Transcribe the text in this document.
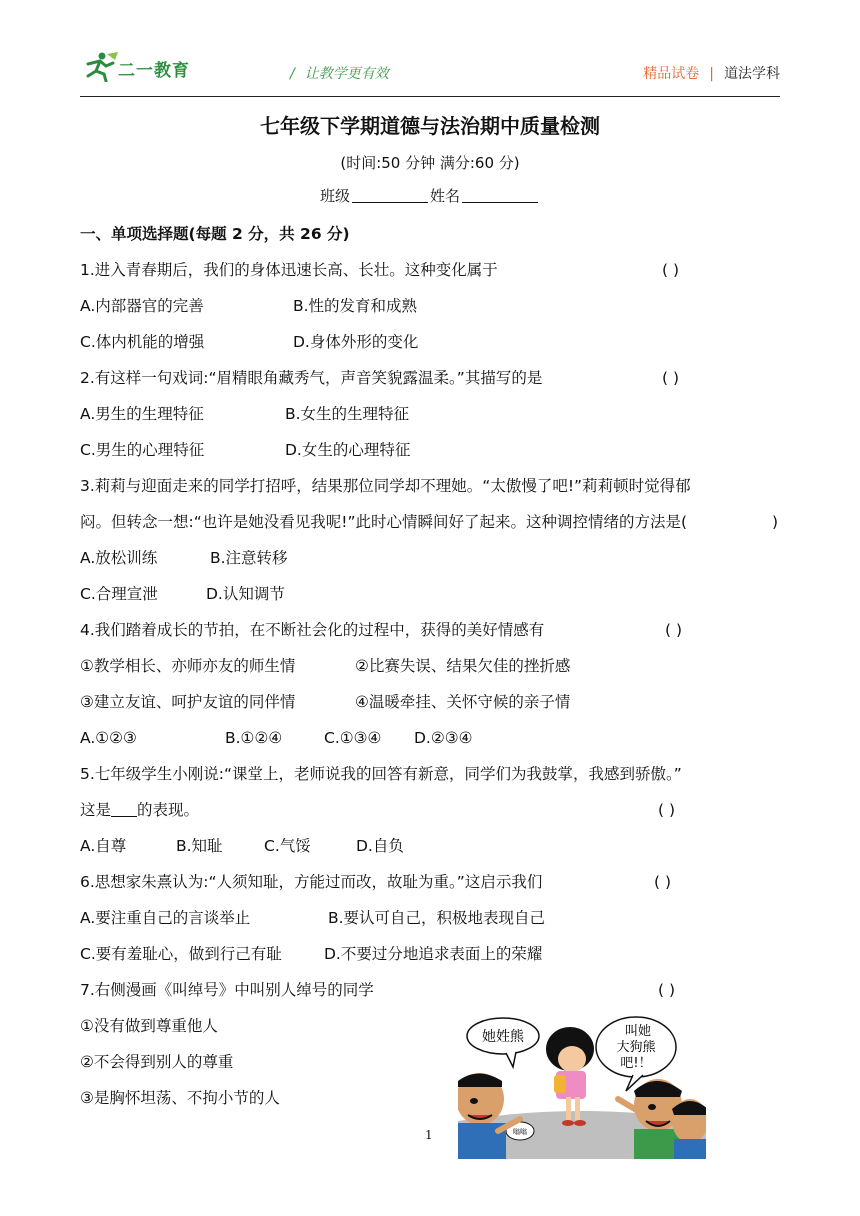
二一教育	/ 让教学更有效	精品试卷 | 道法学科
七年级下学期道德与法治期中质量检测
(时间:50 分钟 满分:60 分)
班级	姓名
一、单项选择题(每题 2 分，共 26 分)
1.进入青春期后，我们的身体迅速长高、长壮。这种变化属于	( )
A.内部器官的完善	B.性的发育和成熟
C.体内机能的增强	D.身体外形的变化
2.有这样一句戏词:“眉精眼角藏秀气，声音笑貌露温柔。”其描写的是	( )
A.男生的生理特征	B.女生的生理特征
C.男生的心理特征	D.女生的心理特征
3.莉莉与迎面走来的同学打招呼，结果那位同学却不理她。“太傲慢了吧!”莉莉顿时觉得郁
闷。但转念一想:“也许是她没看见我呢!”此时心情瞬间好了起来。这种调控情绪的方法是(	)
A.放松训练	B.注意转移
C.合理宣泄	D.认知调节
4.我们踏着成长的节拍，在不断社会化的过程中，获得的美好情感有	( )
①教学相长、亦师亦友的师生情	②比赛失误、结果欠佳的挫折感
③建立友谊、呵护友谊的同伴情	④温暖牵挂、关怀守候的亲子情
A.①②③	B.①②④	C.①③④ D.②③④
5.七年级学生小刚说:“课堂上，老师说我的回答有新意，同学们为我鼓掌，我感到骄傲。”
这是 的表现。	( )
A.自尊	B.知耻	C.气馁	D.自负
6.思想家朱熹认为:“人须知耻，方能过而改，故耻为重。”这启示我们	( )
A.要注重自己的言谈举止	B.要认可自己，积极地表现自己
C.要有羞耻心，做到行己有耻	D.不要过分地追求表面上的荣耀
7.右侧漫画《叫绰号》中叫别人绰号的同学	( )
①没有做到尊重他人
②不会得到别人的尊重
③是胸怀坦荡、不拘小节的人
她姓熊	叫她
大狗熊
吧!！
嗡嗡
1
